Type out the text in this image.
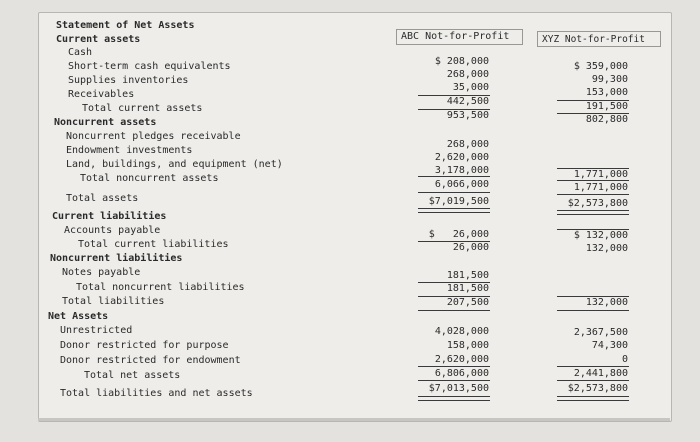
ABC Not-for-Profit	XYZ Not-for-Profit
Statement of Net Assets
Current assets
Cash
Short-term cash equivalents
Supplies inventories
Receivables
Total current assets
Noncurrent assets
Noncurrent pledges receivable
Endowment investments
Land, buildings, and equipment (net)
Total noncurrent assets
Total assets
Current liabilities
Accounts payable
Total current liabilities
Noncurrent liabilities
Notes payable
Total noncurrent liabilities
Total liabilities
Net Assets
Unrestricted
Donor restricted for purpose
Donor restricted for endowment
Total net assets
Total liabilities and net assets
$ 208,000
268,000
35,000
442,500
953,500
268,000
2,620,000
3,178,000
6,066,000
$7,019,500
$   26,000
26,000
181,500
181,500
207,500
4,028,000
158,000
2,620,000
6,806,000
$7,013,500
$ 359,000
99,300
153,000
191,500
802,800
1,771,000
1,771,000
$2,573,800
$ 132,000
132,000
132,000
2,367,500
74,300
0
2,441,800
$2,573,800
